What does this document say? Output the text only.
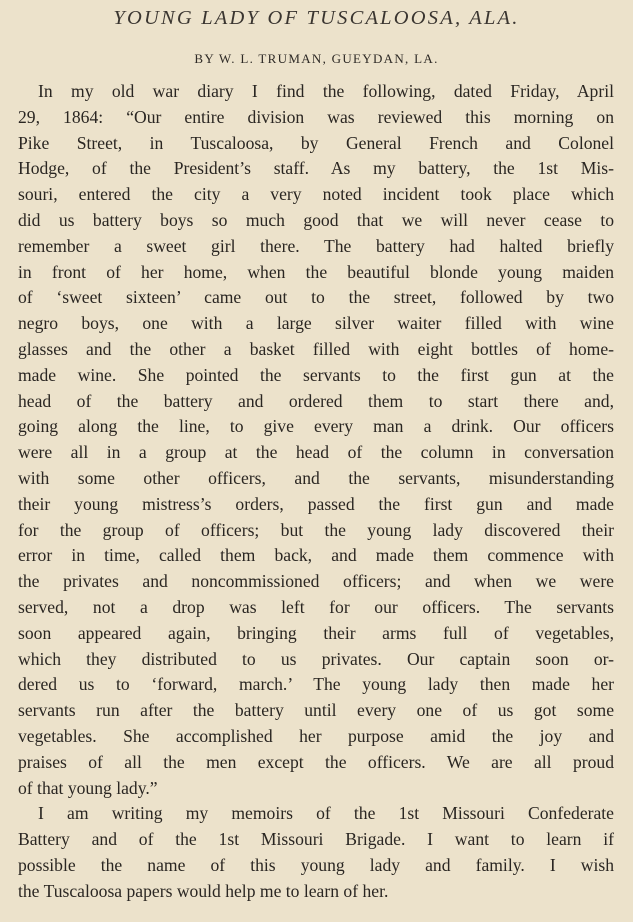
YOUNG LADY OF TUSCALOOSA, ALA.
BY W. L. TRUMAN, GUEYDAN, LA.
In my old war diary I find the following, dated Friday, April
29, 1864: “Our entire division was reviewed this morning on
Pike Street, in Tuscaloosa, by General French and Colonel
Hodge, of the President’s staff. As my battery, the 1st Mis-
souri, entered the city a very noted incident took place which
did us battery boys so much good that we will never cease to
remember a sweet girl there. The battery had halted briefly
in front of her home, when the beautiful blonde young maiden
of ‘sweet sixteen’ came out to the street, followed by two
negro boys, one with a large silver waiter filled with wine
glasses and the other a basket filled with eight bottles of home-
made wine. She pointed the servants to the first gun at the
head of the battery and ordered them to start there and,
going along the line, to give every man a drink. Our officers
were all in a group at the head of the column in conversation
with some other officers, and the servants, misunderstanding
their young mistress’s orders, passed the first gun and made
for the group of officers; but the young lady discovered their
error in time, called them back, and made them commence with
the privates and noncommissioned officers; and when we were
served, not a drop was left for our officers. The servants
soon appeared again, bringing their arms full of vegetables,
which they distributed to us privates. Our captain soon or-
dered us to ‘forward, march.’ The young lady then made her
servants run after the battery until every one of us got some
vegetables. She accomplished her purpose amid the joy and
praises of all the men except the officers. We are all proud
of that young lady.”
I am writing my memoirs of the 1st Missouri Confederate
Battery and of the 1st Missouri Brigade. I want to learn if
possible the name of this young lady and family. I wish
the Tuscaloosa papers would help me to learn of her.
